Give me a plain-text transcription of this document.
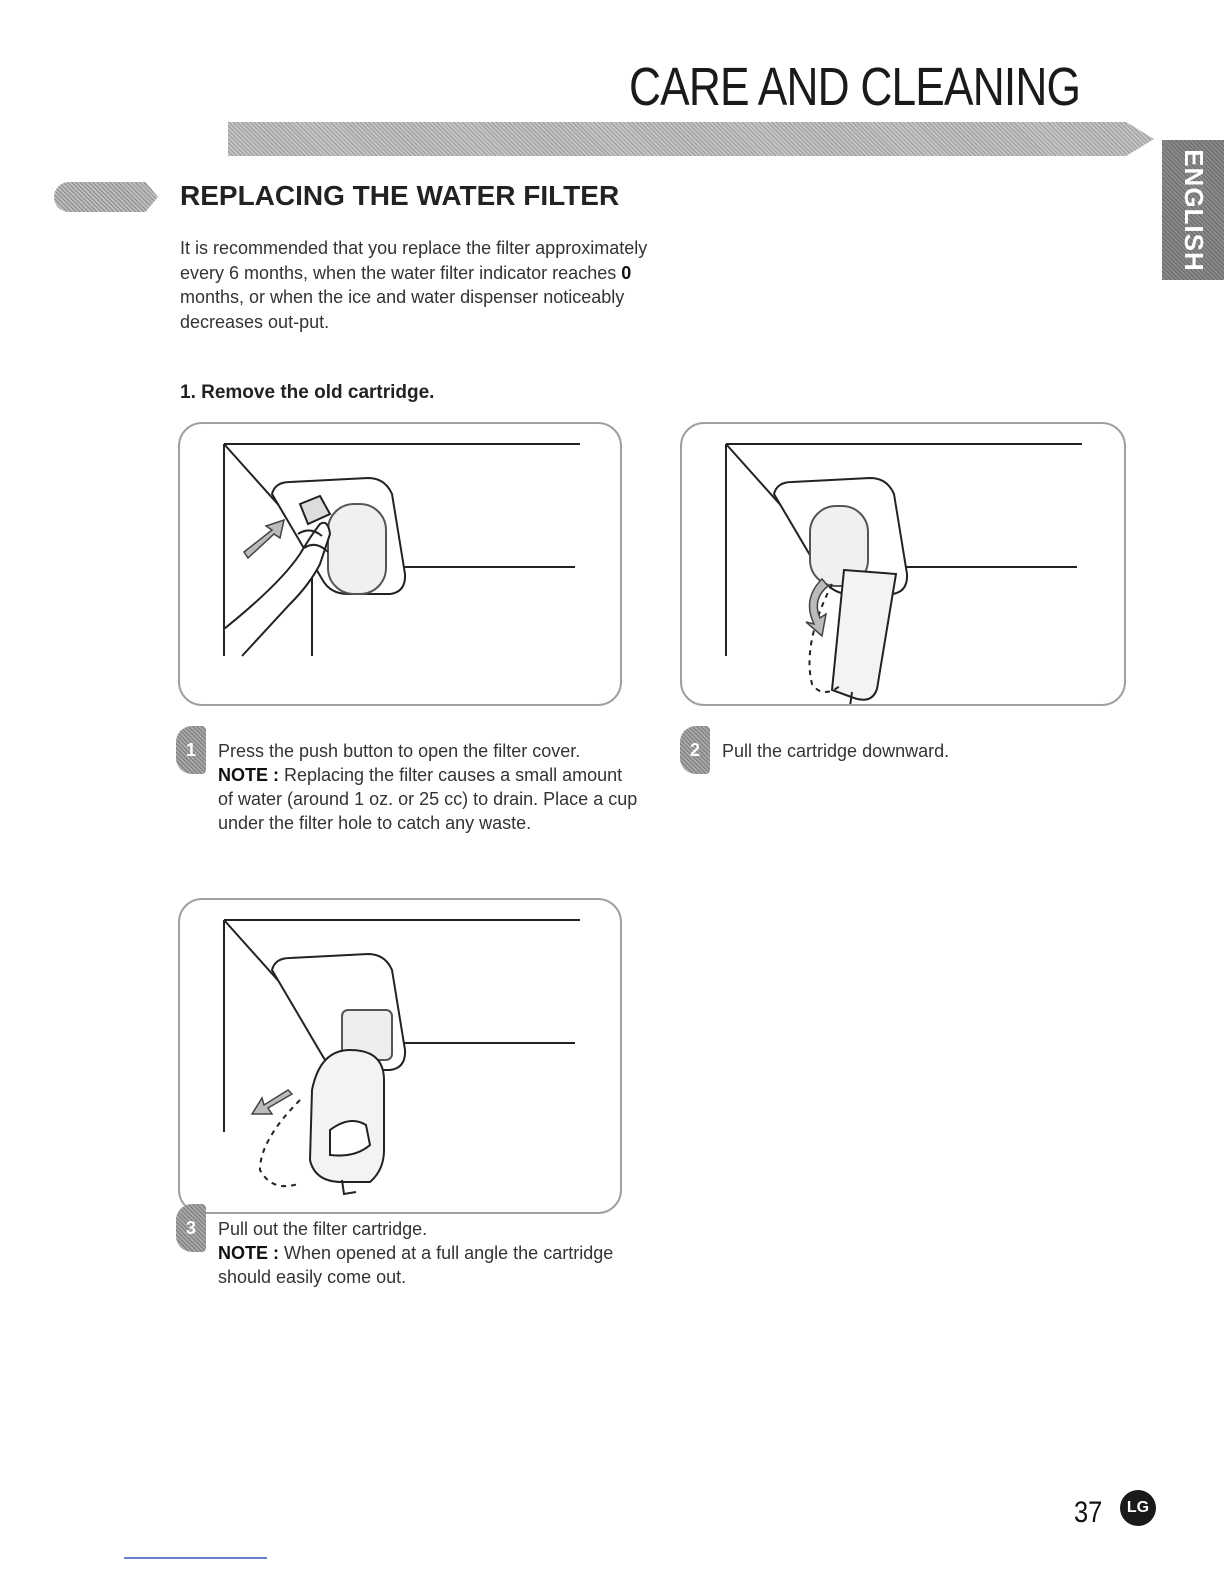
CARE AND CLEANING
ENGLISH
REPLACING THE WATER FILTER
It is recommended that you replace the filter approximately every 6 months, when the water filter indicator reaches 0 months, or when the ice and water dispenser noticeably decreases out-put.
1. Remove the old cartridge.
1	Press the push button to open the filter cover.
NOTE : Replacing the filter causes a small amount of water (around 1 oz. or 25 cc) to drain. Place a cup under the filter hole to catch any waste.
2	Pull the cartridge downward.
3	Pull out the filter cartridge.
NOTE : When opened at a full angle the cartridge should easily come out.
37	LG
